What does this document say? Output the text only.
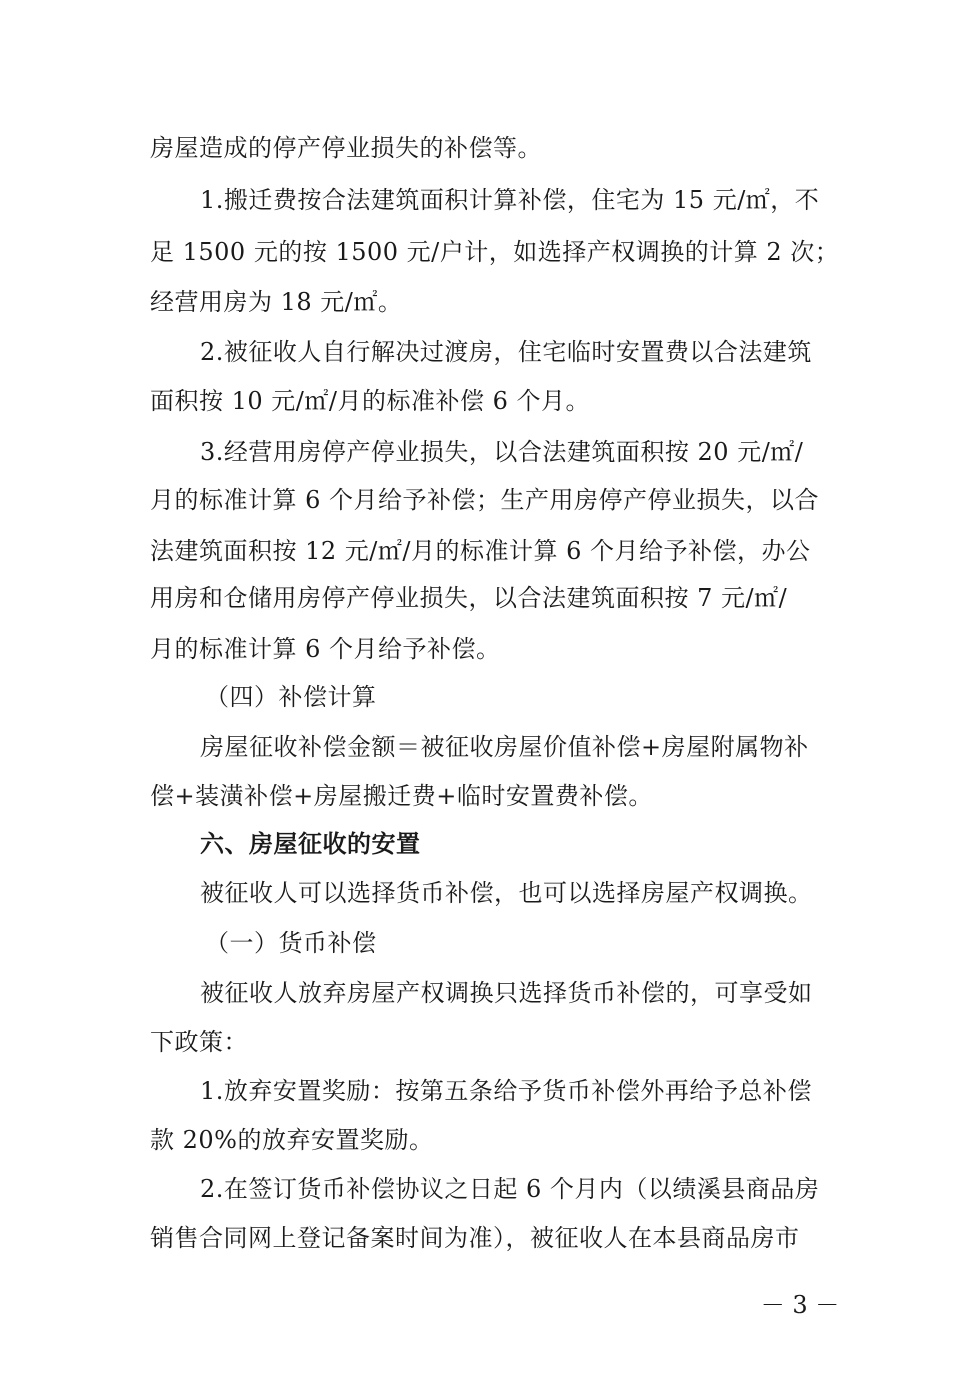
房屋造成的停产停业损失的补偿等。
1.搬迁费按合法建筑面积计算补偿，住宅为 15 元/㎡，不
足 1500 元的按 1500 元/户计，如选择产权调换的计算 2 次；
经营用房为 18 元/㎡。
2.被征收人自行解决过渡房，住宅临时安置费以合法建筑
面积按 10 元/㎡/月的标准补偿 6 个月。
3.经营用房停产停业损失，以合法建筑面积按 20 元/㎡/
月的标准计算 6 个月给予补偿；生产用房停产停业损失，以合
法建筑面积按 12 元/㎡/月的标准计算 6 个月给予补偿，办公
用房和仓储用房停产停业损失，以合法建筑面积按 7 元/㎡/
月的标准计算 6 个月给予补偿。
（四）补偿计算
房屋征收补偿金额＝被征收房屋价值补偿+房屋附属物补
偿+装潢补偿+房屋搬迁费+临时安置费补偿。
六、房屋征收的安置
被征收人可以选择货币补偿，也可以选择房屋产权调换。
（一）货币补偿
被征收人放弃房屋产权调换只选择货币补偿的，可享受如
下政策：
1.放弃安置奖励：按第五条给予货币补偿外再给予总补偿
款 20%的放弃安置奖励。
2.在签订货币补偿协议之日起 6 个月内（以绩溪县商品房
销售合同网上登记备案时间为准），被征收人在本县商品房市
－ 3 －
